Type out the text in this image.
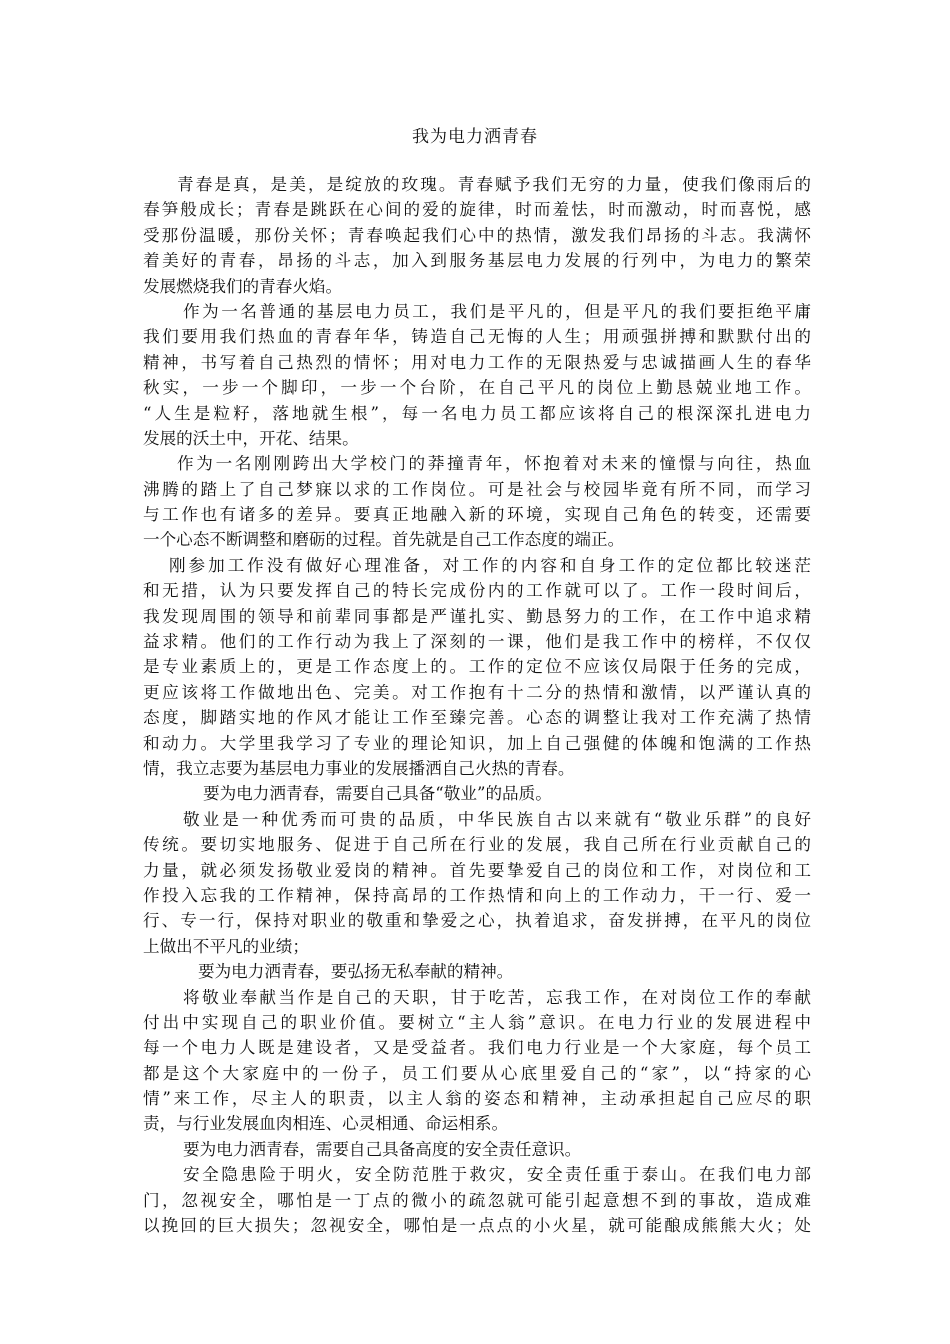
我为电力洒青春
青春是真，是美，是绽放的玫瑰。青春赋予我们无穷的力量，使我们像雨后的
春笋般成长；青春是跳跃在心间的爱的旋律，时而羞怯，时而激动，时而喜悦，感
受那份温暖，那份关怀；青春唤起我们心中的热情，激发我们昂扬的斗志。我满怀
着美好的青春，昂扬的斗志，加入到服务基层电力发展的行列中，为电力的繁荣
发展燃烧我们的青春火焰。
作为一名普通的基层电力员工，我们是平凡的，但是平凡的我们要拒绝平庸
我们要用我们热血的青春年华，铸造自己无悔的人生；用顽强拼搏和默默付出的
精神，书写着自己热烈的情怀；用对电力工作的无限热爱与忠诚描画人生的春华
秋实，一步一个脚印，一步一个台阶，在自己平凡的岗位上勤恳兢业地工作。
“人生是粒籽，落地就生根”，每一名电力员工都应该将自己的根深深扎进电力
发展的沃土中，开花、结果。
作为一名刚刚跨出大学校门的莽撞青年，怀抱着对未来的憧憬与向往，热血
沸腾的踏上了自己梦寐以求的工作岗位。可是社会与校园毕竟有所不同，而学习
与工作也有诸多的差异。要真正地融入新的环境，实现自己角色的转变，还需要
一个心态不断调整和磨砺的过程。首先就是自己工作态度的端正。
刚参加工作没有做好心理准备，对工作的内容和自身工作的定位都比较迷茫
和无措，认为只要发挥自己的特长完成份内的工作就可以了。工作一段时间后，
我发现周围的领导和前辈同事都是严谨扎实、勤恳努力的工作，在工作中追求精
益求精。他们的工作行动为我上了深刻的一课，他们是我工作中的榜样，不仅仅
是专业素质上的，更是工作态度上的。工作的定位不应该仅局限于任务的完成，
更应该将工作做地出色、完美。对工作抱有十二分的热情和激情，以严谨认真的
态度，脚踏实地的作风才能让工作至臻完善。心态的调整让我对工作充满了热情
和动力。大学里我学习了专业的理论知识，加上自己强健的体魄和饱满的工作热
情，我立志要为基层电力事业的发展播洒自己火热的青春。
要为电力洒青春，需要自己具备“敬业”的品质。
敬业是一种优秀而可贵的品质，中华民族自古以来就有“敬业乐群”的良好
传统。要切实地服务、促进于自己所在行业的发展，我自己所在行业贡献自己的
力量，就必须发扬敬业爱岗的精神。首先要挚爱自己的岗位和工作，对岗位和工
作投入忘我的工作精神，保持高昂的工作热情和向上的工作动力，干一行、爱一
行、专一行，保持对职业的敬重和挚爱之心，执着追求，奋发拼搏，在平凡的岗位
上做出不平凡的业绩；
要为电力洒青春，要弘扬无私奉献的精神。
将敬业奉献当作是自己的天职，甘于吃苦，忘我工作，在对岗位工作的奉献
付出中实现自己的职业价值。要树立“主人翁”意识。在电力行业的发展进程中
每一个电力人既是建设者，又是受益者。我们电力行业是一个大家庭，每个员工
都是这个大家庭中的一份子，员工们要从心底里爱自己的“家”，以“持家的心
情”来工作，尽主人的职责，以主人翁的姿态和精神，主动承担起自己应尽的职
责，与行业发展血肉相连、心灵相通、命运相系。
要为电力洒青春，需要自己具备高度的安全责任意识。
安全隐患险于明火，安全防范胜于救灾，安全责任重于泰山。在我们电力部
门，忽视安全，哪怕是一丁点的微小的疏忽就可能引起意想不到的事故，造成难
以挽回的巨大损失；忽视安全，哪怕是一点点的小火星，就可能酿成熊熊大火；处
